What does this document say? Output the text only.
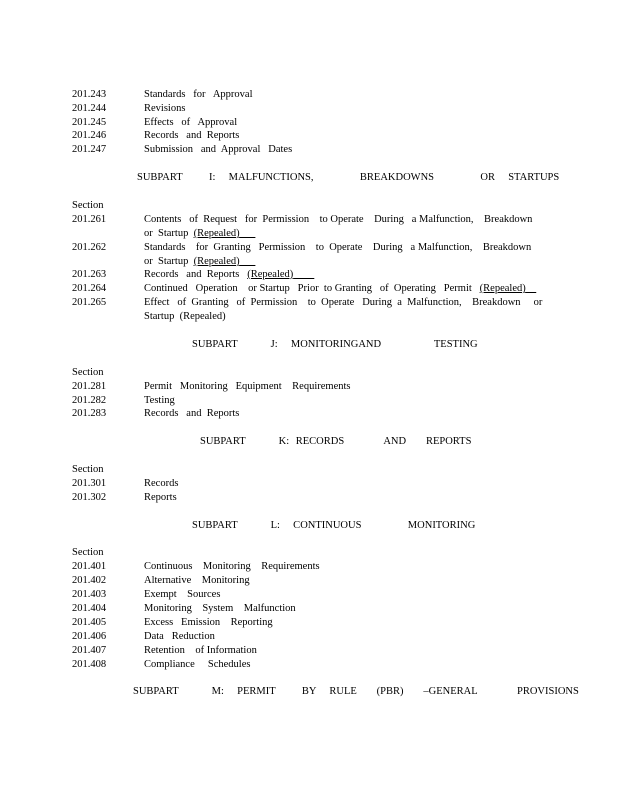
201.243	Standards   for   Approval
201.244	Revisions
201.245	Effects   of   Approval
201.246	Records   and  Reports
201.247	Submission   and  Approval   Dates
SUBPART    I:  MALFUNCTIONS,       BREAKDOWNS       OR  STARTUPS
Section
201.261	Contents   of  Request   for  Permission    to Operate    During   a Malfunction,    Breakdown
or  Startup  (Repealed)
201.262	Standards    for  Granting   Permission    to  Operate    During   a Malfunction,    Breakdown
or  Startup  (Repealed)
201.263	Records   and  Reports   (Repealed)
201.264	Continued   Operation    or Startup   Prior  to Granting   of  Operating   Permit   (Repealed)
201.265	Effect   of  Granting   of  Permission    to  Operate   During  a  Malfunction,    Breakdown     or
Startup  (Repealed)
SUBPART     J:  MONITORINGAND        TESTING
Section
201.281	Permit   Monitoring   Equipment    Requirements
201.282	Testing
201.283	Records   and  Reports
SUBPART     K: RECORDS      AND   REPORTS
Section
201.301	Records
201.302	Reports
SUBPART     L:  CONTINUOUS       MONITORING
Section
201.401	Continuous    Monitoring    Requirements
201.402	Alternative    Monitoring
201.403	Exempt    Sources
201.404	Monitoring    System    Malfunction
201.405	Excess   Emission    Reporting
201.406	Data   Reduction
201.407	Retention    of Information
201.408	Compliance     Schedules
SUBPART     M:  PERMIT    BY  RULE   (PBR)   –GENERAL      PROVISIONS
